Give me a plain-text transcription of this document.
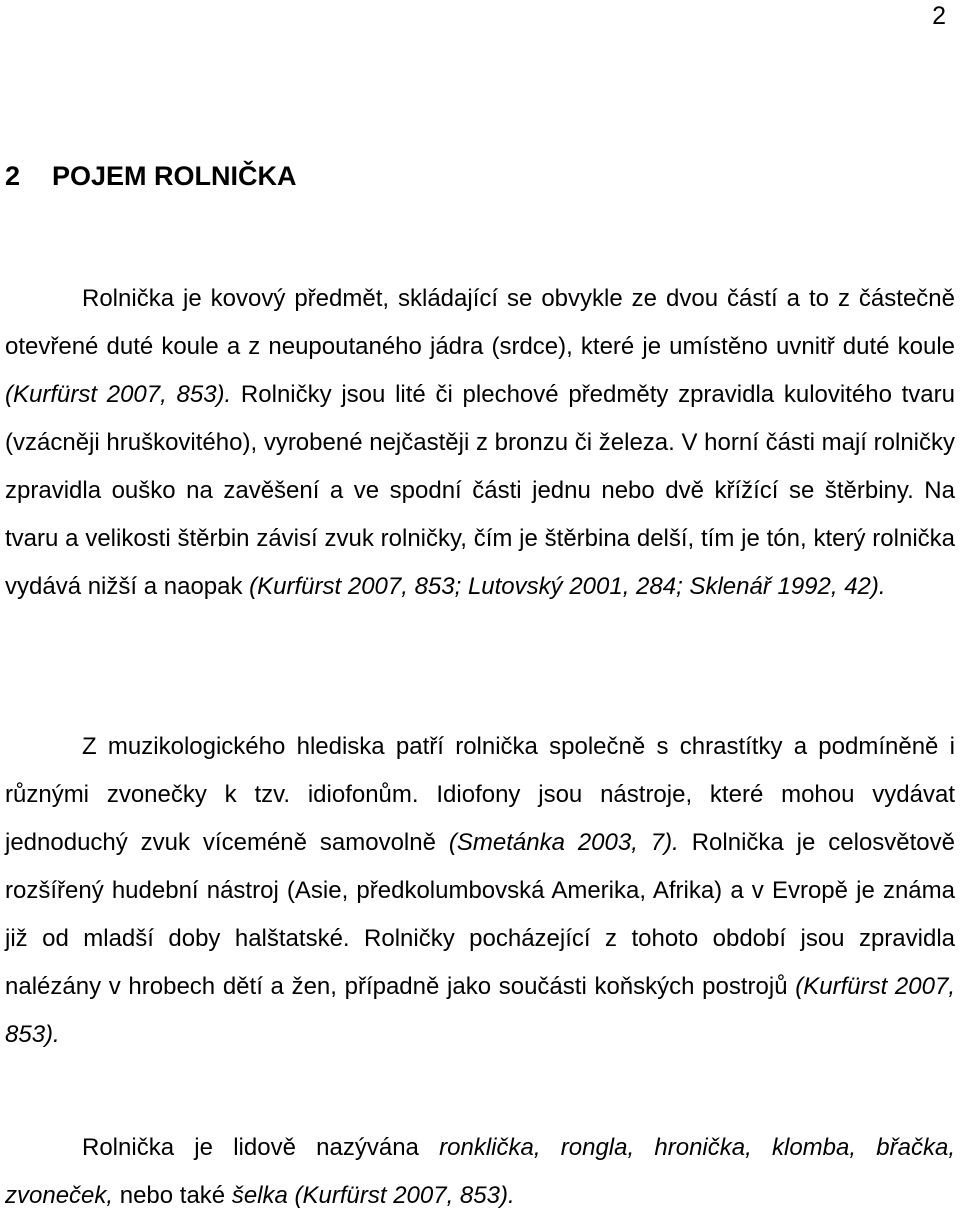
2
2 POJEM ROLNIČKA

Rolnička je kovový předmět, skládající se obvykle ze dvou částí a to z částečně otevřené duté koule a z neupoutaného jádra (srdce), které je umístěno uvnitř duté koule (Kurfürst 2007, 853). Rolničky jsou lité či plechové předměty zpravidla kulovitého tvaru (vzácněji hruškovitého), vyrobené nejčastěji z bronzu či železa. V horní části mají rolničky zpravidla ouško na zavěšení a ve spodní části jednu nebo dvě křížící se štěrbiny. Na tvaru a velikosti štěrbin závisí zvuk rolničky, čím je štěrbina delší, tím je tón, který rolnička vydává nižší a naopak (Kurfürst 2007, 853; Lutovský 2001, 284; Sklenář 1992, 42).

Z muzikologického hlediska patří rolnička společně s chrastítky a podmíněně i různými zvonečky k tzv. idiofonům. Idiofony jsou nástroje, které mohou vydávat jednoduchý zvuk víceméně samovolně (Smetánka 2003, 7). Rolnička je celosvětově rozšířený hudební nástroj (Asie, předkolumbovská Amerika, Afrika) a v Evropě je známa již od mladší doby halštatské. Rolničky pocházející z tohoto období jsou zpravidla nalézány v hrobech dětí a žen, případně jako součásti koňských postrojů (Kurfürst 2007, 853).

Rolnička je lidově nazývána ronklička, rongla, hronička, klomba, břačka, zvoneček, nebo také šelka (Kurfürst 2007, 853).
